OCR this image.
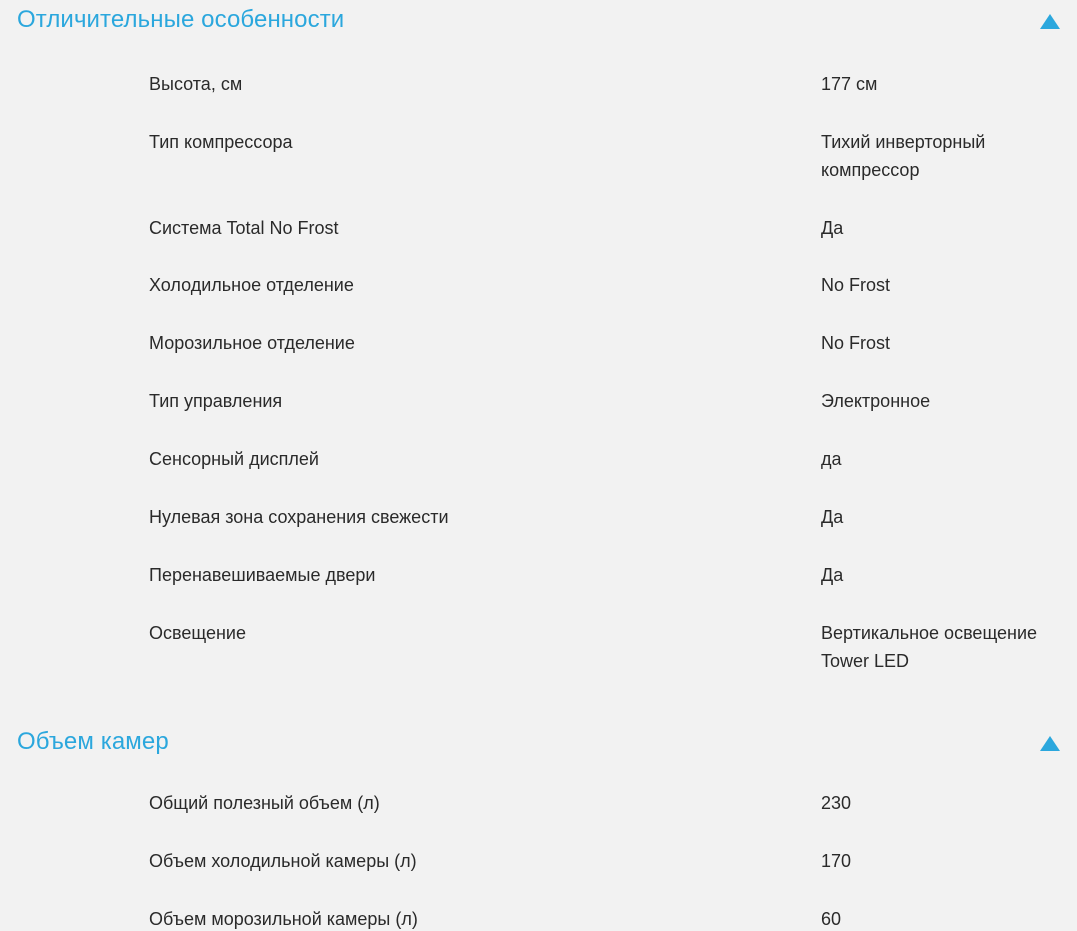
Отличительные особенности
Высота, см	177 см
Тип компрессора	Тихий инверторный компрессор
Система Total No Frost	Да
Холодильное отделение	No Frost
Морозильное отделение	No Frost
Тип управления	Электронное
Сенсорный дисплей	да
Нулевая зона сохранения свежести	Да
Перенавешиваемые двери	Да
Освещение	Вертикальное освещение Tower LED
Объем камер
Общий полезный объем (л)	230
Объем холодильной камеры (л)	170
Объем морозильной камеры (л)	60
